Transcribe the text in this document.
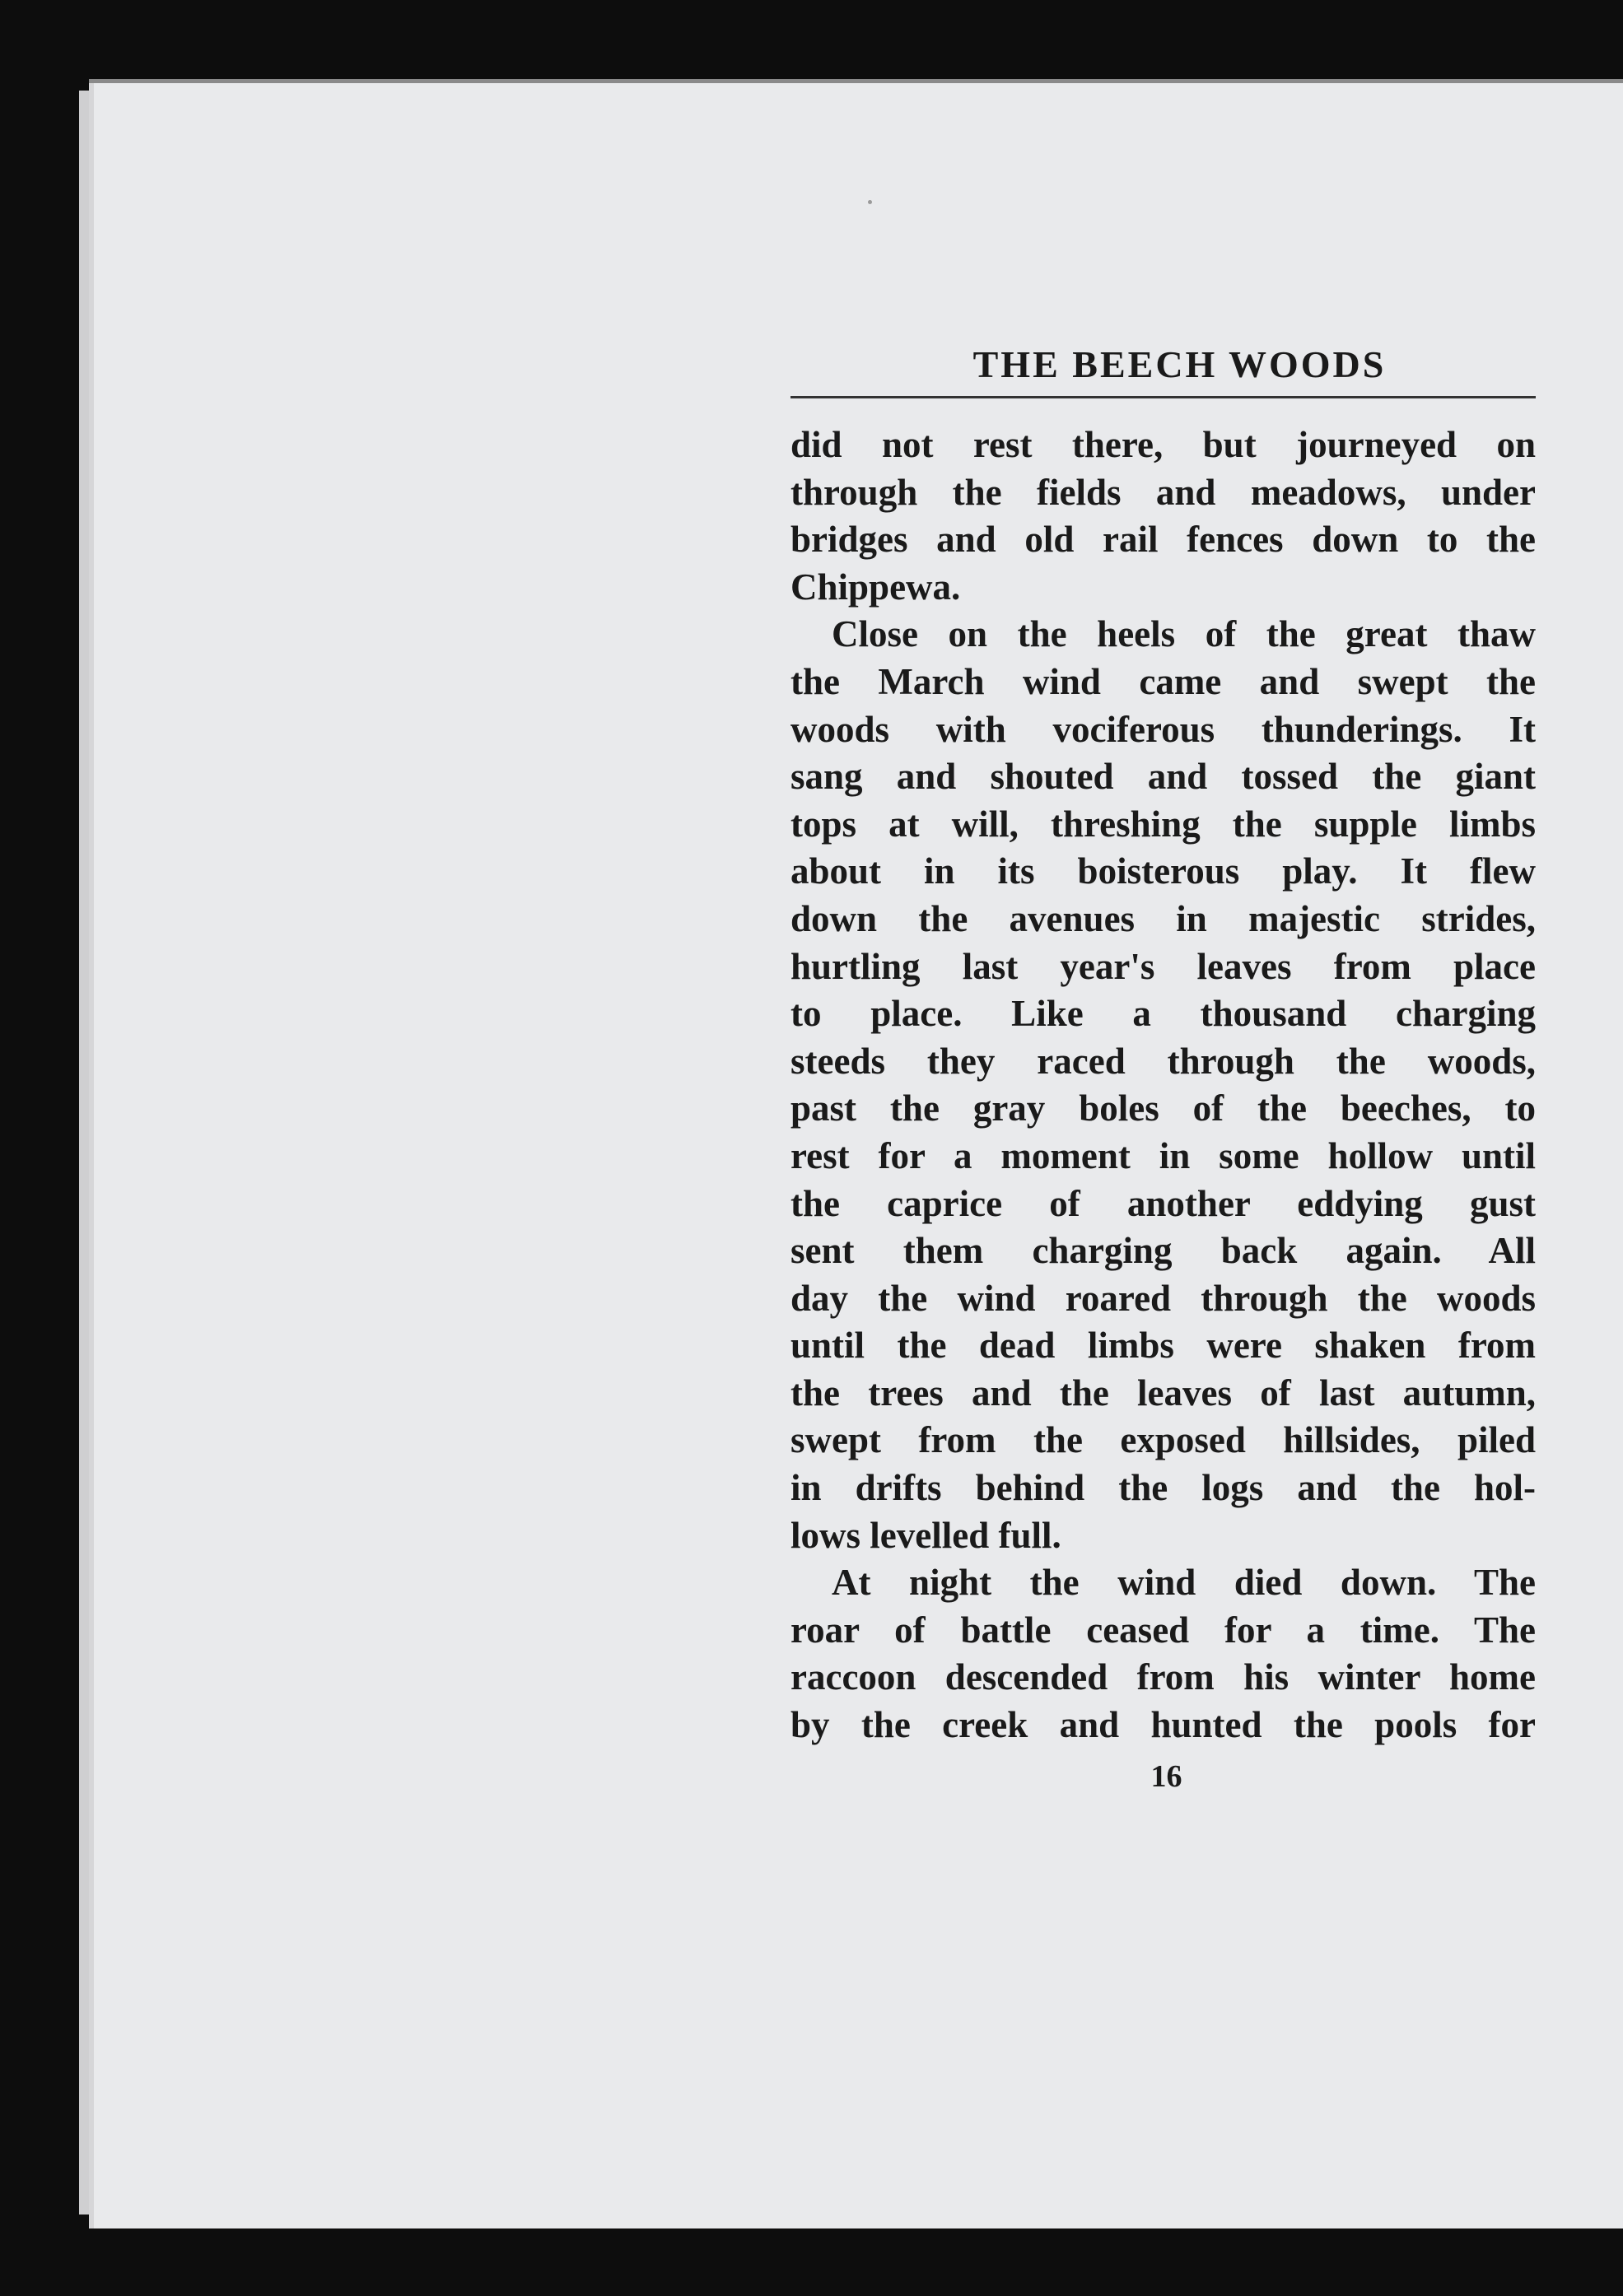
THE BEECH WOODS
did not rest there, but journeyed on
through the fields and meadows, under
bridges and old rail fences down to the
Chippewa.
Close on the heels of the great thaw
the March wind came and swept the
woods with vociferous thunderings. It
sang and shouted and tossed the giant
tops at will, threshing the supple limbs
about in its boisterous play. It flew
down the avenues in majestic strides,
hurtling last year's leaves from place
to place. Like a thousand charging
steeds they raced through the woods,
past the gray boles of the beeches, to
rest for a moment in some hollow until
the caprice of another eddying gust
sent them charging back again. All
day the wind roared through the woods
until the dead limbs were shaken from
the trees and the leaves of last autumn,
swept from the exposed hillsides, piled
in drifts behind the logs and the hol-
lows levelled full.
At night the wind died down. The
roar of battle ceased for a time. The
raccoon descended from his winter home
by the creek and hunted the pools for
16
